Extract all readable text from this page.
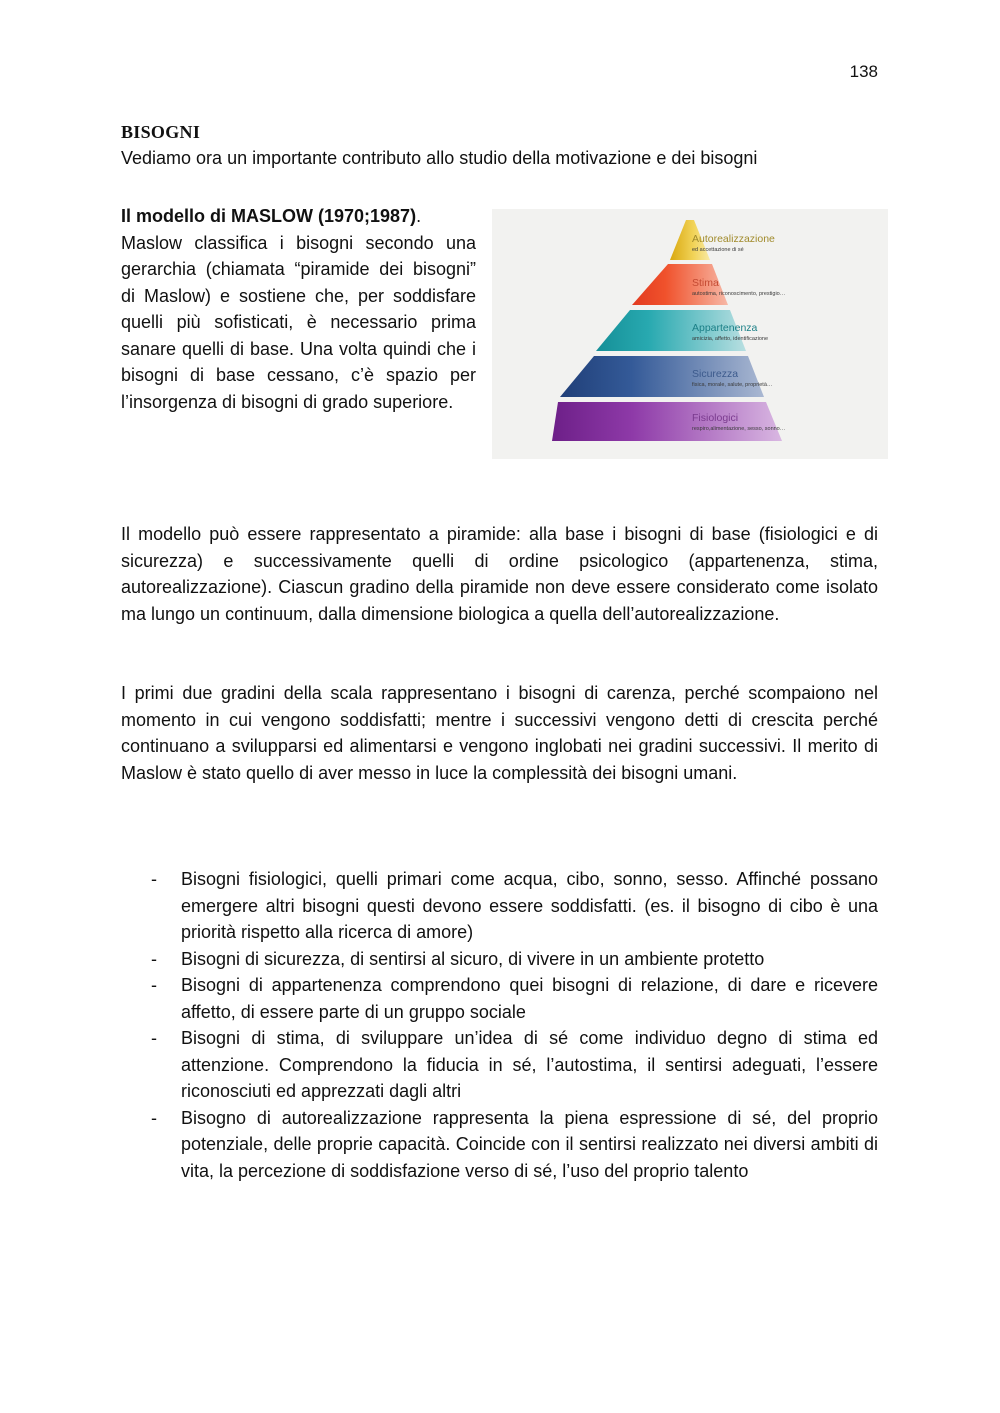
138
BISOGNI
Vediamo ora un importante contributo allo studio della motivazione e dei bisogni

Il modello di MASLOW (1970;1987).

Maslow classifica i bisogni secondo una gerarchia (chiamata “piramide dei bisogni” di Maslow) e sostiene che, per soddisfare quelli più sofisticati, è necessario prima sanare quelli di base. Una volta quindi che i bisogni di base cessano, c’è spazio per l’insorgenza di bisogni di grado superiore.

Autorealizzazione
ed accettazione di sé
Stima
autostima, riconoscimento, prestigio…
Appartenenza
amicizia, affetto, identificazione
Sicurezza
fisica, morale, salute, proprietà…
Fisiologici
respiro,alimentazione, sesso, sonno…

Il modello può essere rappresentato a piramide: alla base i bisogni di base (fisiologici e di sicurezza) e successivamente quelli di ordine psicologico (appartenenza, stima, autorealizzazione). Ciascun gradino della piramide non deve essere considerato come isolato ma lungo un continuum, dalla dimensione biologica a quella dell’autorealizzazione.

I primi due gradini della scala rappresentano i bisogni di carenza, perché scompaiono nel momento in cui vengono soddisfatti; mentre i successivi vengono detti di crescita perché continuano a svilupparsi ed alimentarsi e vengono inglobati nei gradini successivi. Il merito di Maslow è stato quello di aver messo in luce la complessità dei bisogni umani.

- Bisogni fisiologici, quelli primari come acqua, cibo, sonno, sesso. Affinché possano emergere altri bisogni questi devono essere soddisfatti. (es. il bisogno di cibo è una priorità rispetto alla ricerca di amore)
- Bisogni di sicurezza, di sentirsi al sicuro, di vivere in un ambiente protetto
- Bisogni di appartenenza comprendono quei bisogni di relazione, di dare e ricevere affetto, di essere parte di un gruppo sociale
- Bisogni di stima, di sviluppare un’idea di sé come individuo degno di stima ed attenzione. Comprendono la fiducia in sé, l’autostima, il sentirsi adeguati, l’essere riconosciuti ed apprezzati dagli altri
- Bisogno di autorealizzazione rappresenta la piena espressione di sé, del proprio potenziale, delle proprie capacità. Coincide con il sentirsi realizzato nei diversi ambiti di vita, la percezione di soddisfazione verso di sé, l’uso del proprio talento
